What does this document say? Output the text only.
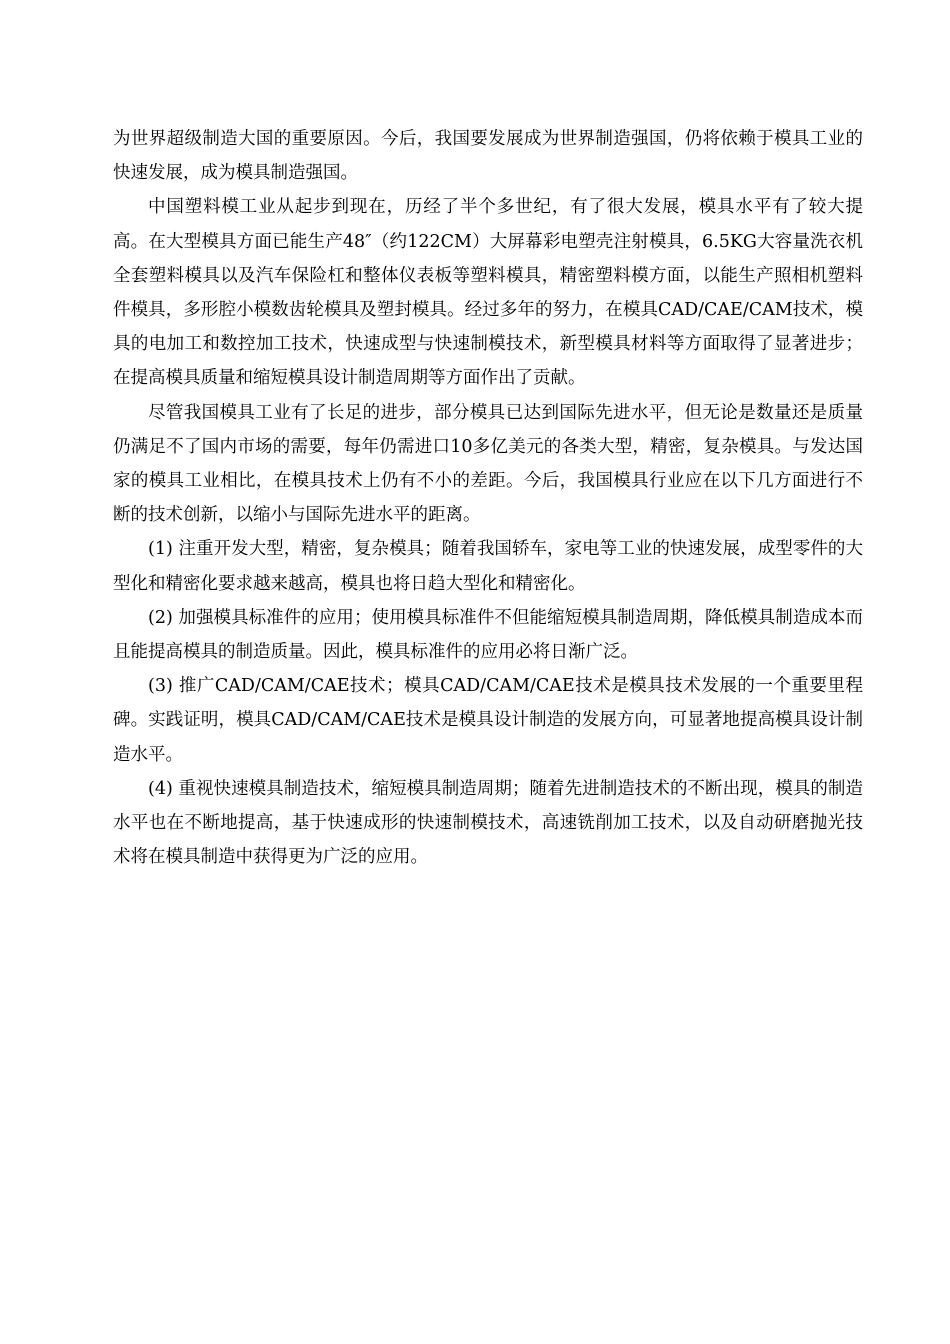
为世界超级制造大国的重要原因。今后，我国要发展成为世界制造强国，仍将依赖于模具工业的快速发展，成为模具制造强国。

中国塑料模工业从起步到现在，历经了半个多世纪，有了很大发展，模具水平有了较大提高。在大型模具方面已能生产48″（约122CM）大屏幕彩电塑壳注射模具，6.5KG大容量洗衣机全套塑料模具以及汽车保险杠和整体仪表板等塑料模具，精密塑料模方面，以能生产照相机塑料件模具，多形腔小模数齿轮模具及塑封模具。经过多年的努力，在模具CAD/CAE/CAM技术，模具的电加工和数控加工技术，快速成型与快速制模技术，新型模具材料等方面取得了显著进步；在提高模具质量和缩短模具设计制造周期等方面作出了贡献。

尽管我国模具工业有了长足的进步，部分模具已达到国际先进水平，但无论是数量还是质量仍满足不了国内市场的需要，每年仍需进口10多亿美元的各类大型，精密，复杂模具。与发达国家的模具工业相比，在模具技术上仍有不小的差距。今后，我国模具行业应在以下几方面进行不断的技术创新，以缩小与国际先进水平的距离。

(1) 注重开发大型，精密，复杂模具；随着我国轿车，家电等工业的快速发展，成型零件的大型化和精密化要求越来越高，模具也将日趋大型化和精密化。

(2) 加强模具标准件的应用；使用模具标准件不但能缩短模具制造周期，降低模具制造成本而且能提高模具的制造质量。因此，模具标准件的应用必将日渐广泛。

(3) 推广CAD/CAM/CAE技术；模具CAD/CAM/CAE技术是模具技术发展的一个重要里程碑。实践证明，模具CAD/CAM/CAE技术是模具设计制造的发展方向，可显著地提高模具设计制造水平。

(4) 重视快速模具制造技术，缩短模具制造周期；随着先进制造技术的不断出现，模具的制造水平也在不断地提高，基于快速成形的快速制模技术，高速铣削加工技术，以及自动研磨抛光技术将在模具制造中获得更为广泛的应用。
